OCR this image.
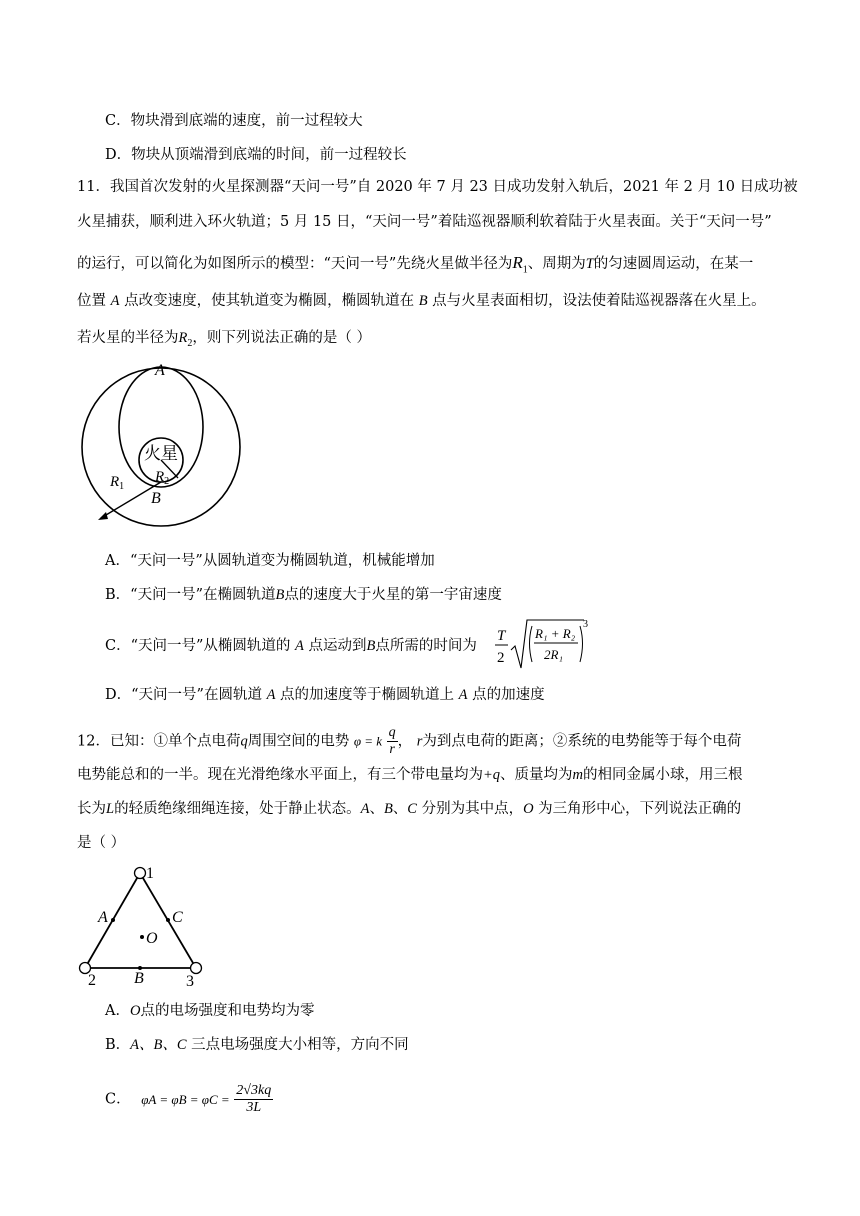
C．物块滑到底端的速度，前一过程较大
D．物块从顶端滑到底端的时间，前一过程较长
11．我国首次发射的火星探测器“天问一号”自 2020 年 7 月 23 日成功发射入轨后，2021 年 2 月 10 日成功被
火星捕获，顺利进入环火轨道；5 月 15 日，“天问一号”着陆巡视器顺利软着陆于火星表面。关于“天问一号”
的运行，可以简化为如图所示的模型：“天问一号”先绕火星做半径为$R_1$、周期为T的匀速圆周运动，在某一
位置 A 点改变速度，使其轨道变为椭圆，椭圆轨道在 B 点与火星表面相切，设法使着陆巡视器落在火星上。
若火星的半径为$R_2$，则下列说法正确的是（ ）
A
火星
$R_2$
$R_1$
B
A．“天问一号”从圆轨道变为椭圆轨道，机械能增加
B．“天问一号”在椭圆轨道B点的速度大于火星的第一宇宙速度
C．“天问一号”从椭圆轨道的 A 点运动到B点所需的时间为
T
2
R₁ + R₂
2R₁
3
D．“天问一号”在圆轨道 A 点的加速度等于椭圆轨道上 A 点的加速度
12．已知：①单个点电荷q周围空间的电势 φ = k $\frac{q}{r}$ ， r为到点电荷的距离；②系统的电势能等于每个电荷
电势能总和的一半。现在光滑绝缘水平面上，有三个带电量均为+q、质量均为m的相同金属小球，用三根
长为L的轻质绝缘细绳连接，处于静止状态。A、B、C 分别为其中点，O 为三角形中心，下列说法正确的
是（ ）
1
A	C
O
2 B	3
A．O点的电场强度和电势均为零
B．A、B、C 三点电场强度大小相等，方向不同
C． $\varphi A = \varphi B = \varphi C = \frac{2√3kq}{3L}$
